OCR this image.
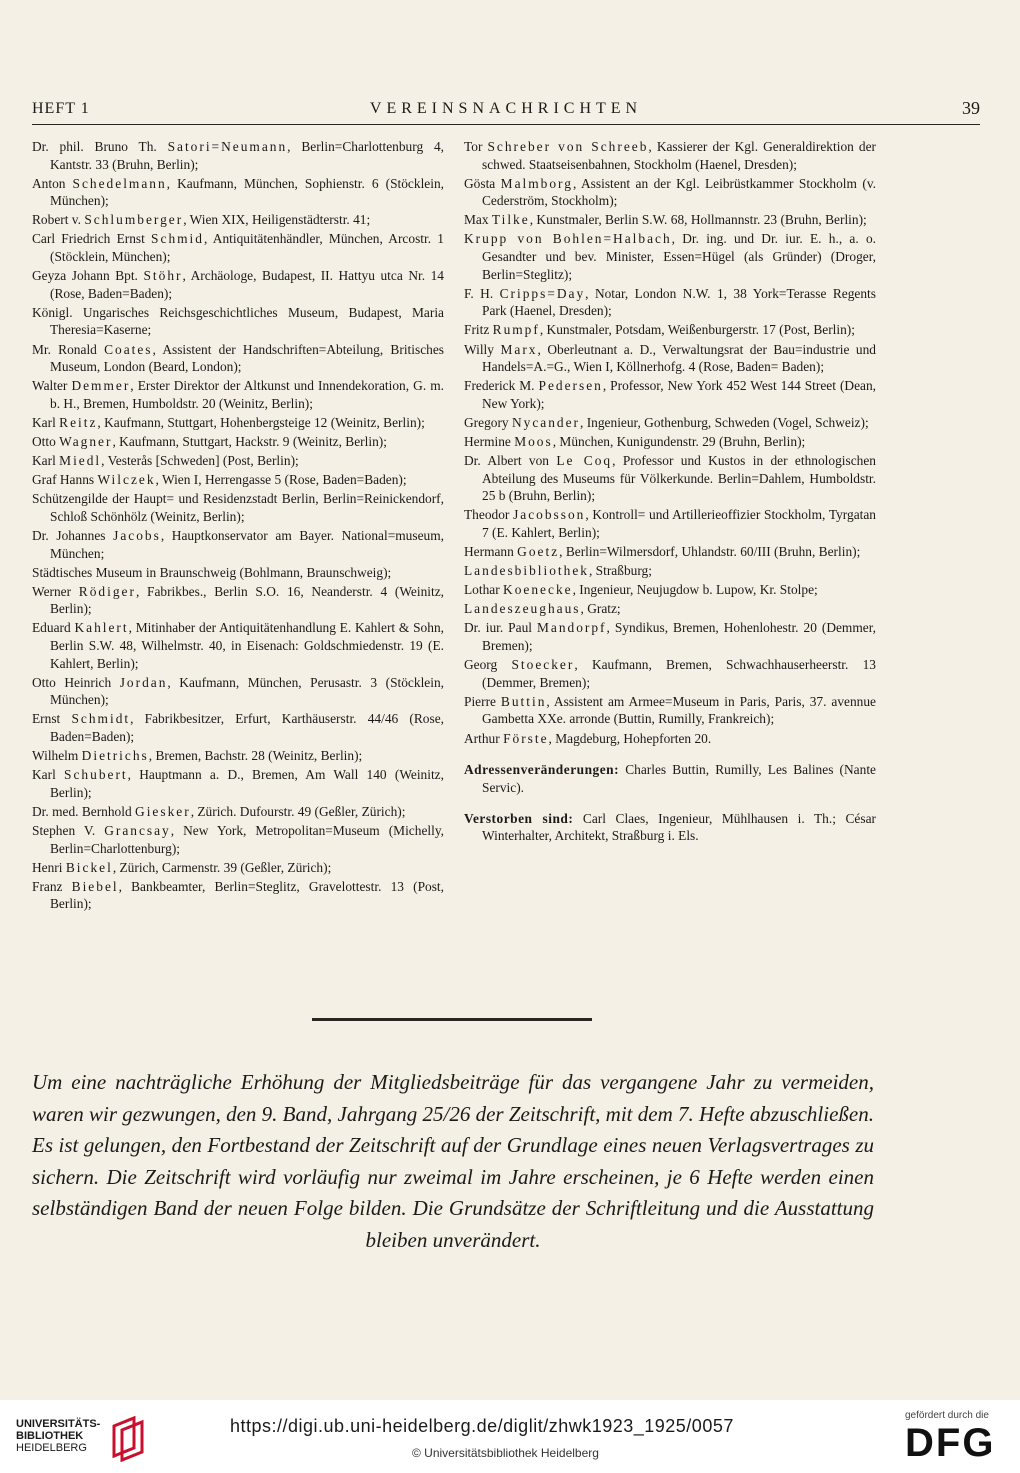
HEFT 1	VEREINSNACHRICHTEN	39

Dr. phil. Bruno Th. Satori=Neumann, Berlin=Charlottenburg 4, Kantstr. 33 (Bruhn, Berlin);

Anton Schedelmann, Kaufmann, München, Sophienstr. 6 (Stöcklein, München);

Robert v. Schlumberger, Wien XIX, Heiligenstädterstr. 41;

Carl Friedrich Ernst Schmid, Antiquitätenhändler, München, Arcostr. 1 (Stöcklein, München);

Geyza Johann Bpt. Stöhr, Archäologe, Budapest, II. Hattyu utca Nr. 14 (Rose, Baden=Baden);

Königl. Ungarisches Reichsgeschichtliches Museum, Budapest, Maria Theresia=Kaserne;

Mr. Ronald Coates, Assistent der Handschriften=Abteilung, Britisches Museum, London (Beard, London);

Walter Demmer, Erster Direktor der Altkunst und Innendekoration, G. m. b. H., Bremen, Humboldstr. 20 (Weinitz, Berlin);

Karl Reitz, Kaufmann, Stuttgart, Hohenbergsteige 12 (Weinitz, Berlin);

Otto Wagner, Kaufmann, Stuttgart, Hackstr. 9 (Weinitz, Berlin);

Karl Miedl, Vesterås [Schweden] (Post, Berlin);

Graf Hanns Wilczek, Wien I, Herrengasse 5 (Rose, Baden=Baden);

Schützengilde der Haupt= und Residenzstadt Berlin, Berlin=Reinickendorf, Schloß Schönhölz (Weinitz, Berlin);

Dr. Johannes Jacobs, Hauptkonservator am Bayer. National=museum, München;

Städtisches Museum in Braunschweig (Bohlmann, Braunschweig);

Werner Rödiger, Fabrikbes., Berlin S.O. 16, Neanderstr. 4 (Weinitz, Berlin);

Eduard Kahlert, Mitinhaber der Antiquitätenhandlung E. Kahlert & Sohn, Berlin S.W. 48, Wilhelmstr. 40, in Eisenach: Goldschmiedenstr. 19 (E. Kahlert, Berlin);

Otto Heinrich Jordan, Kaufmann, München, Perusastr. 3 (Stöcklein, München);

Ernst Schmidt, Fabrikbesitzer, Erfurt, Karthäuserstr. 44/46 (Rose, Baden=Baden);

Wilhelm Dietrichs, Bremen, Bachstr. 28 (Weinitz, Berlin);

Karl Schubert, Hauptmann a. D., Bremen, Am Wall 140 (Weinitz, Berlin);

Dr. med. Bernhold Giesker, Zürich. Dufourstr. 49 (Geßler, Zürich);

Stephen V. Grancsay, New York, Metropolitan=Museum (Michelly, Berlin=Charlottenburg);

Henri Bickel, Zürich, Carmenstr. 39 (Geßler, Zürich);

Franz Biebel, Bankbeamter, Berlin=Steglitz, Gravelottestr. 13 (Post, Berlin);

Tor Schreber von Schreeb, Kassierer der Kgl. Generaldirektion der schwed. Staatseisenbahnen, Stockholm (Haenel, Dresden);

Gösta Malmborg, Assistent an der Kgl. Leibrüstkammer Stockholm (v. Cederström, Stockholm);

Max Tilke, Kunstmaler, Berlin S.W. 68, Hollmannstr. 23 (Bruhn, Berlin);

Krupp von Bohlen=Halbach, Dr. ing. und Dr. iur. E. h., a. o. Gesandter und bev. Minister, Essen=Hügel (als Gründer) (Droger, Berlin=Steglitz);

F. H. Cripps=Day, Notar, London N.W. 1, 38 York=Terasse Regents Park (Haenel, Dresden);

Fritz Rumpf, Kunstmaler, Potsdam, Weißenburgerstr. 17 (Post, Berlin);

Willy Marx, Oberleutnant a. D., Verwaltungsrat der Bau=industrie und Handels=A.=G., Wien I, Köllnerhofg. 4 (Rose, Baden= Baden);

Frederick M. Pedersen, Professor, New York 452 West 144 Street (Dean, New York);

Gregory Nycander, Ingenieur, Gothenburg, Schweden (Vogel, Schweiz);

Hermine Moos, München, Kunigundenstr. 29 (Bruhn, Berlin);

Dr. Albert von Le Coq, Professor und Kustos in der ethnologischen Abteilung des Museums für Völkerkunde. Berlin=Dahlem, Humboldstr. 25 b (Bruhn, Berlin);

Theodor Jacobsson, Kontroll= und Artillerieoffizier Stockholm, Tyrgatan 7 (E. Kahlert, Berlin);

Hermann Goetz, Berlin=Wilmersdorf, Uhlandstr. 60/III (Bruhn, Berlin);

Landesbibliothek, Straßburg;

Lothar Koenecke, Ingenieur, Neujugdow b. Lupow, Kr. Stolpe;

Landeszeughaus, Gratz;

Dr. iur. Paul Mandorpf, Syndikus, Bremen, Hohenlohestr. 20 (Demmer, Bremen);

Georg Stoecker, Kaufmann, Bremen, Schwachhauserheerstr. 13 (Demmer, Bremen);

Pierre Buttin, Assistent am Armee=Museum in Paris, Paris, 37. avennue Gambetta XXe. arronde (Buttin, Rumilly, Frankreich);

Arthur Förste, Magdeburg, Hohepforten 20.

Adressenveränderungen: Charles Buttin, Rumilly, Les Balines (Nante Servic).

Verstorben sind: Carl Claes, Ingenieur, Mühlhausen i. Th.; César Winterhalter, Architekt, Straßburg i. Els.

Um eine nachträgliche Erhöhung der Mitgliedsbeiträge für das vergangene Jahr zu vermeiden, waren wir gezwungen, den 9. Band, Jahrgang 25/26 der Zeitschrift, mit dem 7. Hefte abzuschließen. Es ist gelungen, den Fortbestand der Zeitschrift auf der Grundlage eines neuen Verlagsvertrages zu sichern. Die Zeitschrift wird vorläufig nur zweimal im Jahre erscheinen, je 6 Hefte werden einen selbständigen Band der neuen Folge bilden. Die Grundsätze der Schriftleitung und die Ausstattung bleiben unverändert.

UNIVERSITÄTS-
BIBLIOTHEK
HEIDELBERG
https://digi.ub.uni-heidelberg.de/diglit/zhwk1923_1925/0057
© Universitätsbibliothek Heidelberg
gefördert durch die
DFG
